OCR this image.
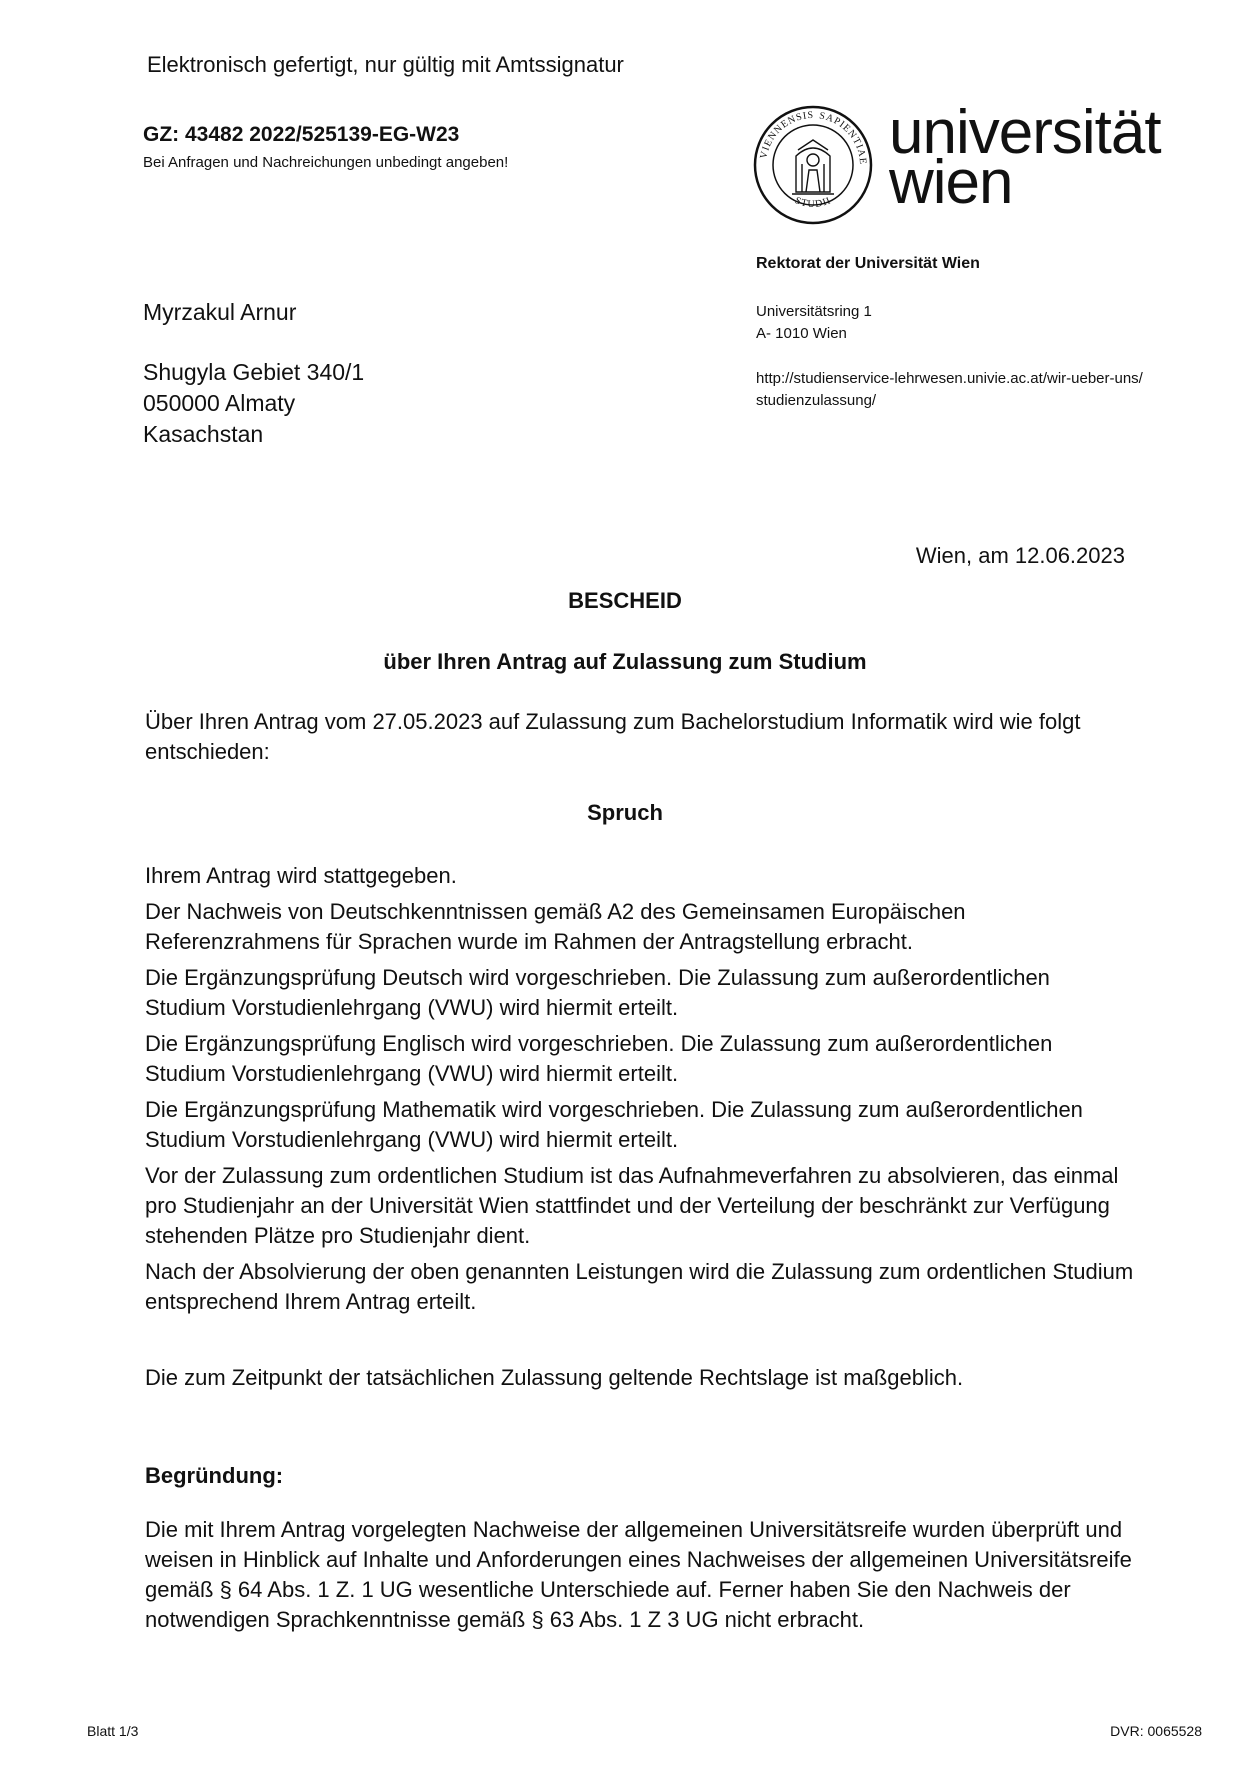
Elektronisch gefertigt, nur gültig mit Amtssignatur
GZ: 43482 2022/525139-EG-W23
Bei Anfragen und Nachreichungen unbedingt angeben!	VIENNENSIS SAPIENTIAE
STUDII
universität
wien
Rektorat der Universität Wien
Universitätsring 1
A- 1010 Wien
http://studienservice-lehrwesen.univie.ac.at/wir-ueber-uns/
studienzulassung/
Myrzakul Arnur
Shugyla Gebiet 340/1
050000 Almaty
Kasachstan
Wien, am 12.06.2023
BESCHEID
über Ihren Antrag auf Zulassung zum Studium
Über Ihren Antrag vom 27.05.2023 auf Zulassung zum Bachelorstudium Informatik wird wie folgt entschieden:
Spruch

Ihrem Antrag wird stattgegeben.

Der Nachweis von Deutschkenntnissen gemäß A2 des Gemeinsamen Europäischen Referenzrahmens für Sprachen wurde im Rahmen der Antragstellung erbracht.

Die Ergänzungsprüfung Deutsch wird vorgeschrieben. Die Zulassung zum außerordentlichen Studium Vorstudienlehrgang (VWU) wird hiermit erteilt.

Die Ergänzungsprüfung Englisch wird vorgeschrieben. Die Zulassung zum außerordentlichen Studium Vorstudienlehrgang (VWU) wird hiermit erteilt.

Die Ergänzungsprüfung Mathematik wird vorgeschrieben. Die Zulassung zum außerordentlichen Studium Vorstudienlehrgang (VWU) wird hiermit erteilt.

Vor der Zulassung zum ordentlichen Studium ist das Aufnahmeverfahren zu absolvieren, das einmal pro Studienjahr an der Universität Wien stattfindet und der Verteilung der beschränkt zur Verfügung stehenden Plätze pro Studienjahr dient.

Nach der Absolvierung der oben genannten Leistungen wird die Zulassung zum ordentlichen Studium entsprechend Ihrem Antrag erteilt.

Die zum Zeitpunkt der tatsächlichen Zulassung geltende Rechtslage ist maßgeblich.
Begründung:
Die mit Ihrem Antrag vorgelegten Nachweise der allgemeinen Universitätsreife wurden überprüft und weisen in Hinblick auf Inhalte und Anforderungen eines Nachweises der allgemeinen Universitätsreife gemäß § 64 Abs. 1 Z. 1 UG wesentliche Unterschiede auf. Ferner haben Sie den Nachweis der notwendigen Sprachkenntnisse gemäß § 63 Abs. 1 Z 3 UG nicht erbracht.
Blatt 1/3	DVR: 0065528
